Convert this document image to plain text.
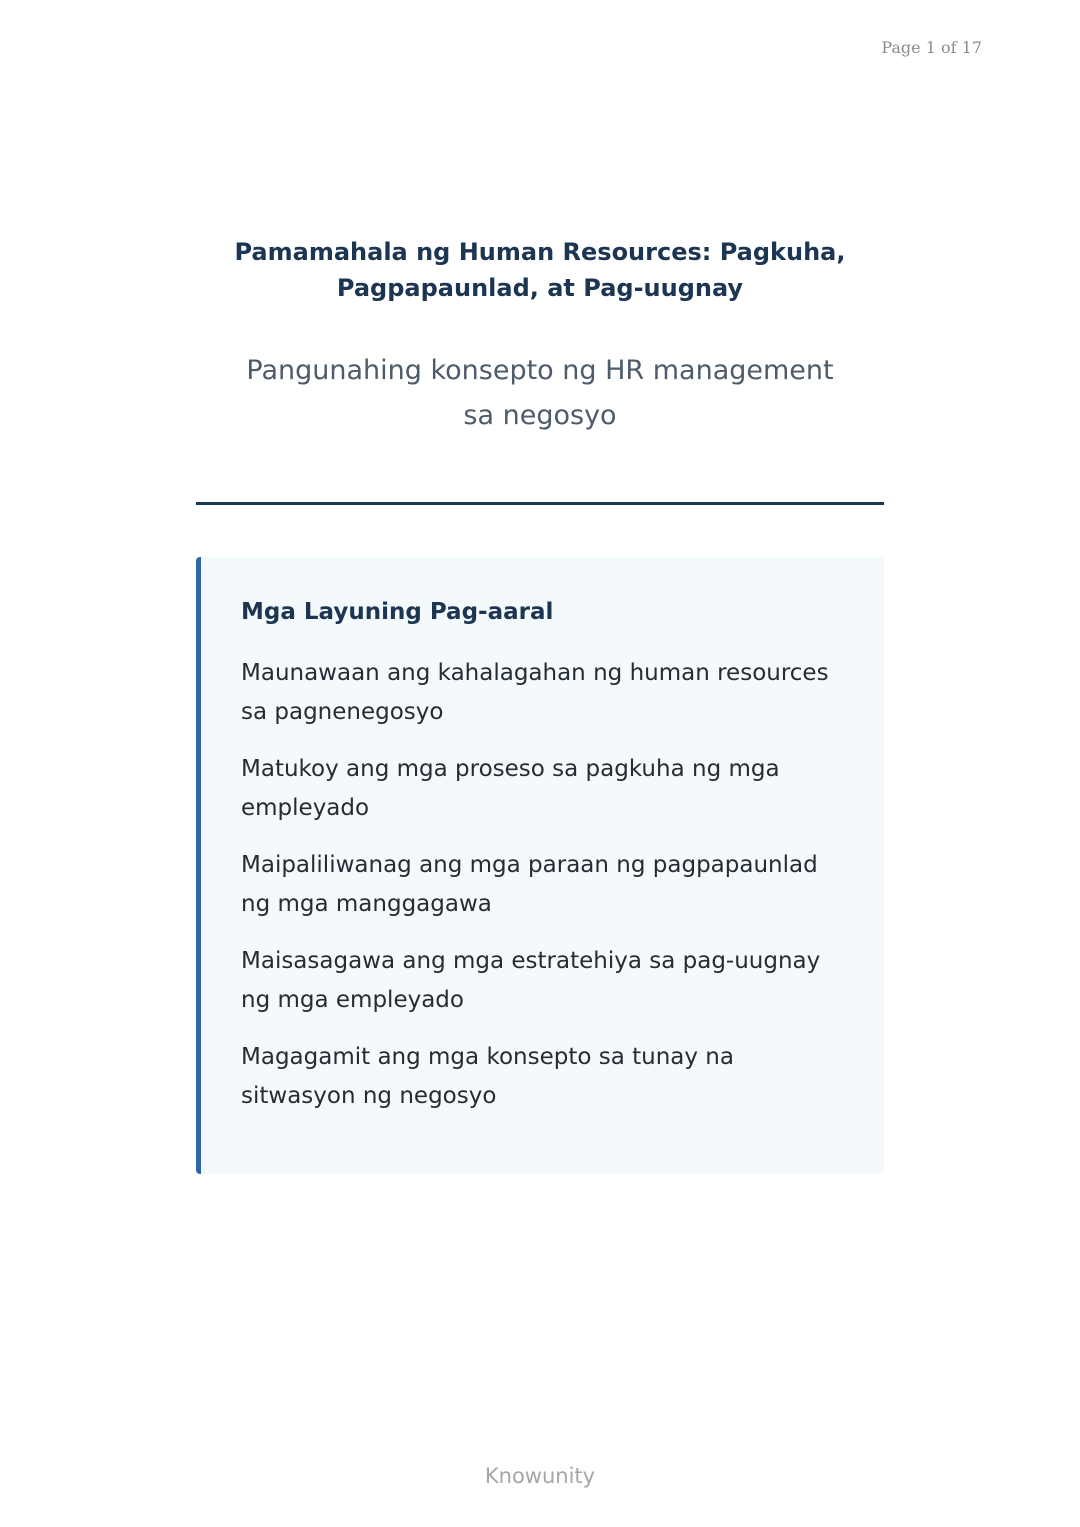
Page 1 of 17
Pamamahala ng Human Resources: Pagkuha, Pagpapaunlad, at Pag-uugnay

Pangunahing konsepto ng HR management sa negosyo

Mga Layuning Pag-aaral
Maunawaan ang kahalagahan ng human resources sa pagnenegosyo
Matukoy ang mga proseso sa pagkuha ng mga empleyado
Maipaliliwanag ang mga paraan ng pagpapaunlad ng mga manggagawa
Maisasagawa ang mga estratehiya sa pag-uugnay ng mga empleyado
Magagamit ang mga konsepto sa tunay na sitwasyon ng negosyo
Knowunity
